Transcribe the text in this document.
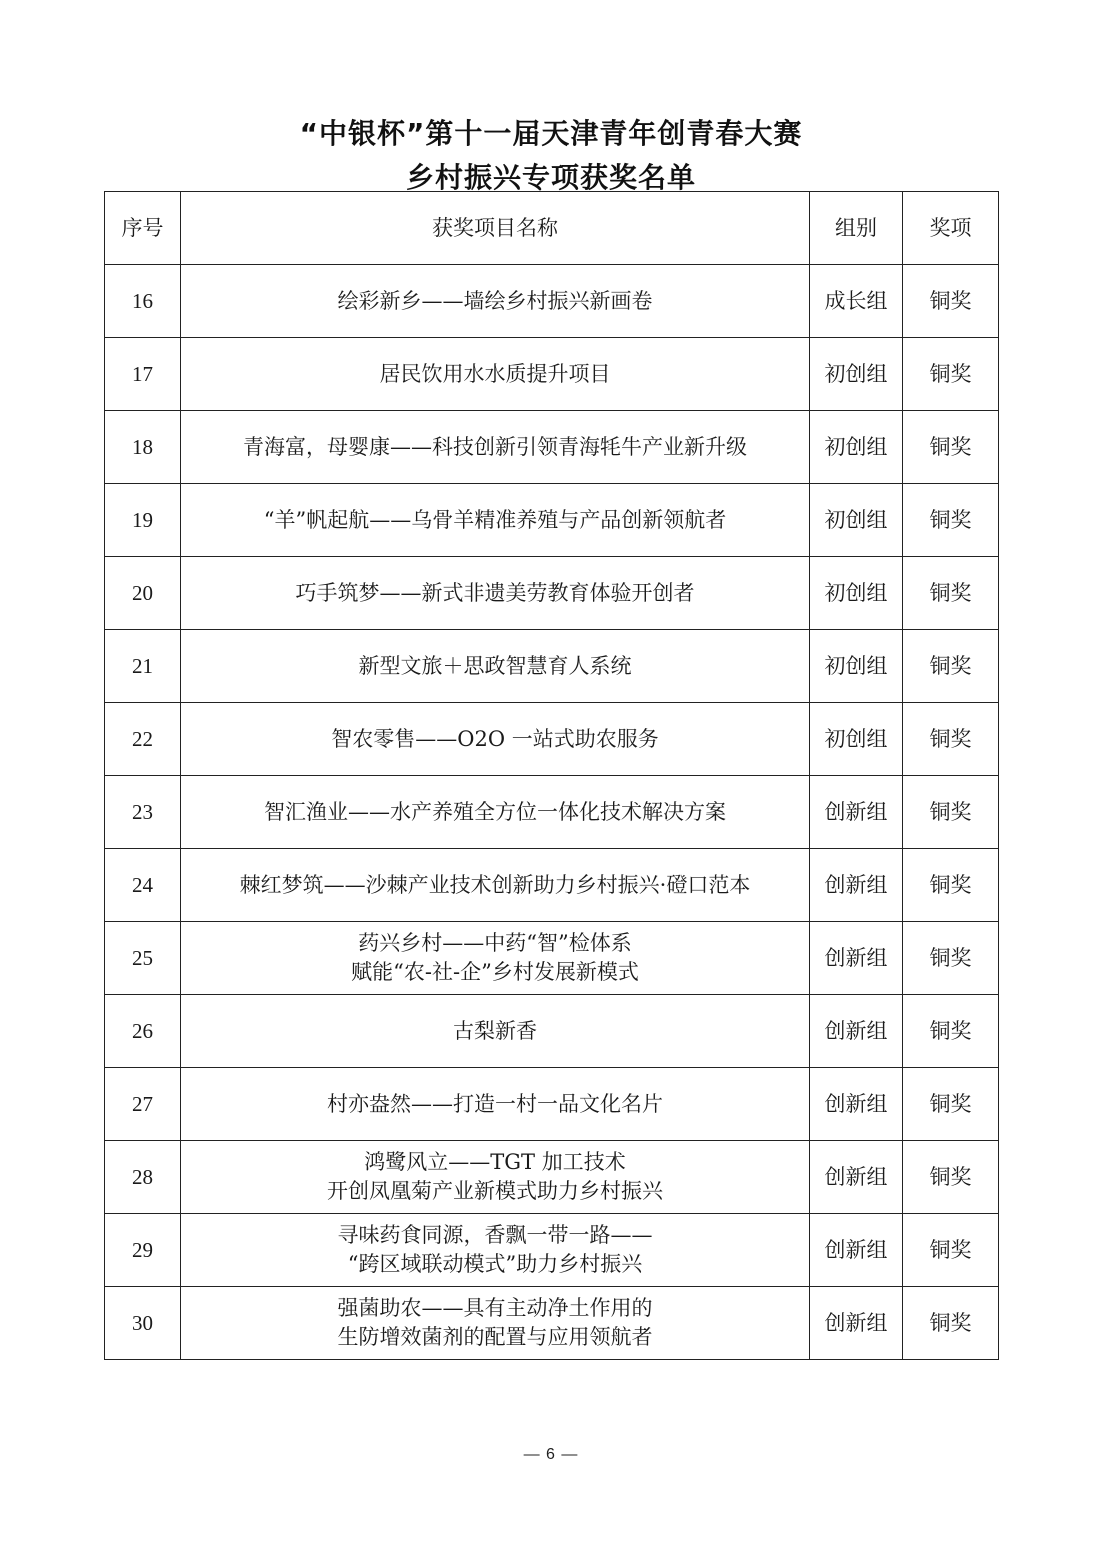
“中银杯”第十一届天津青年创青春大赛
乡村振兴专项获奖名单
序号	获奖项目名称	组别	奖项
16	绘彩新乡——墙绘乡村振兴新画卷	成长组	铜奖
17	居民饮用水水质提升项目	初创组	铜奖
18	青海富，母婴康——科技创新引领青海牦牛产业新升级	初创组	铜奖
19	“羊”帆起航——乌骨羊精准养殖与产品创新领航者	初创组	铜奖
20	巧手筑梦——新式非遗美劳教育体验开创者	初创组	铜奖
21	新型文旅＋思政智慧育人系统	初创组	铜奖
22	智农零售——O2O 一站式助农服务	初创组	铜奖
23	智汇渔业——水产养殖全方位一体化技术解决方案	创新组	铜奖
24	棘红梦筑——沙棘产业技术创新助力乡村振兴·磴口范本	创新组	铜奖
25	药兴乡村——中药“智”检体系
赋能“农-社-企”乡村发展新模式	创新组	铜奖
26	古梨新香	创新组	铜奖
27	村亦盎然——打造一村一品文化名片	创新组	铜奖
28	鸿鹭风立——TGT 加工技术
开创凤凰菊产业新模式助力乡村振兴	创新组	铜奖
29	寻味药食同源，香飘一带一路——
“跨区域联动模式”助力乡村振兴	创新组	铜奖
30	强菌助农——具有主动净土作用的
生防增效菌剂的配置与应用领航者	创新组	铜奖
— 6 —
